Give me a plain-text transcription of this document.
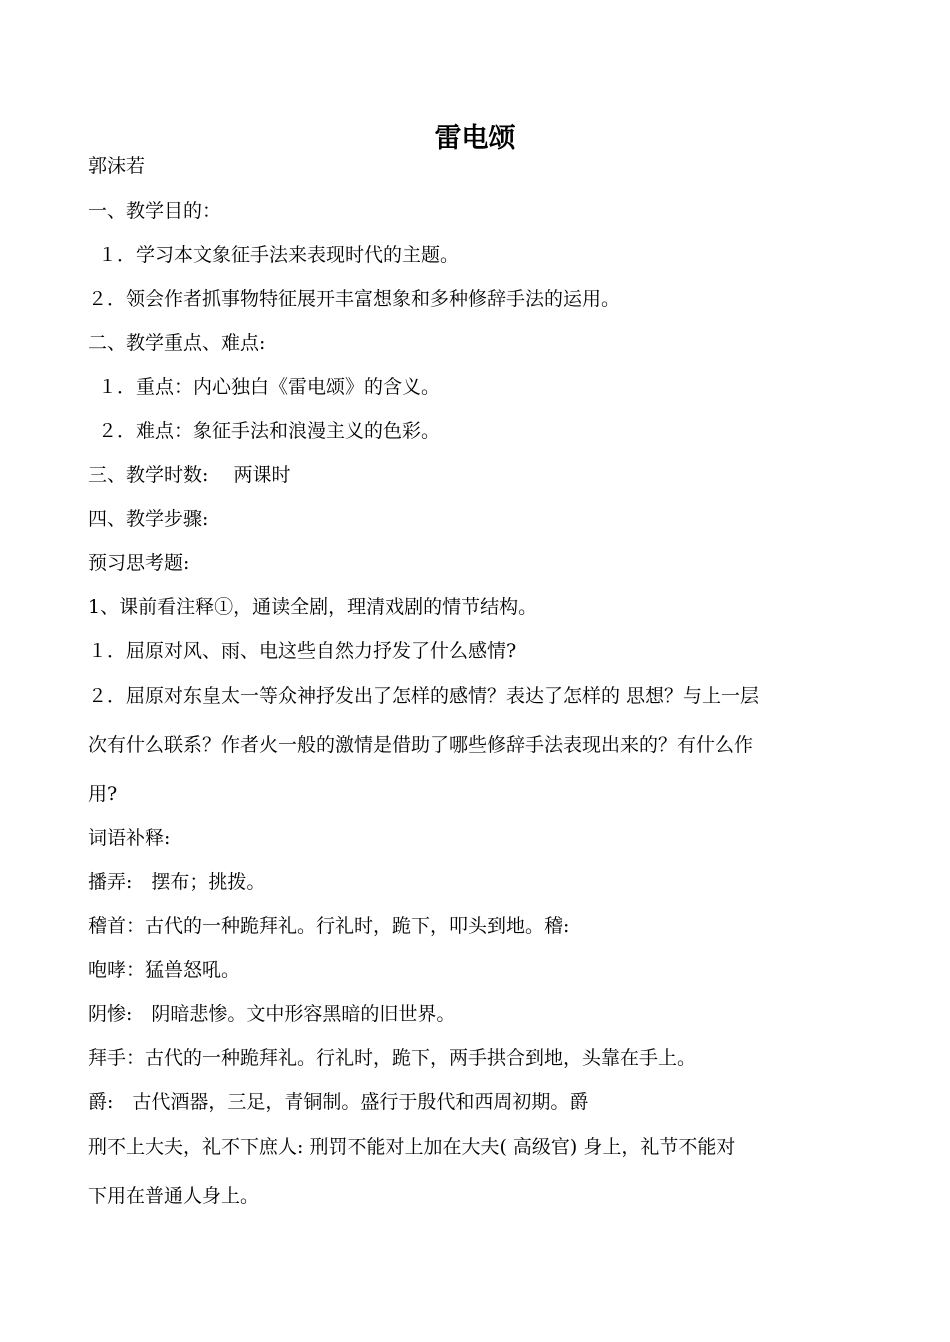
雷电颂
郭沫若
一、教学目的：
１．学习本文象征手法来表现时代的主题。
２．领会作者抓事物特征展开丰富想象和多种修辞手法的运用。
二、教学重点、难点:
１．重点：内心独白《雷电颂》的含义。
２．难点：象征手法和浪漫主义的色彩。
三、教学时数:　 两课时
四、教学步骤:
预习思考题:
1、课前看注释①，通读全剧，理清戏剧的情节结构。
１．屈原对风、雨、电这些自然力抒发了什么感情?
２．屈原对东皇太一等众神抒发出了怎样的感情？表达了怎样的 思想？与上一层
次有什么联系？作者火一般的激情是借助了哪些修辞手法表现出来的？有什么作
用?
词语补释:
播弄:　摆布；挑拨。
稽首：古代的一种跪拜礼。行礼时，跪下，叩头到地。稽:
咆哮：猛兽怒吼。
阴惨:　阴暗悲惨。文中形容黑暗的旧世界。
拜手：古代的一种跪拜礼。行礼时，跪下，两手拱合到地，头靠在手上。
爵:　古代酒器，三足，青铜制。盛行于殷代和西周初期。爵
刑不上大夫，礼不下庶人: 刑罚不能对上加在大夫( 高级官) 身上，礼节不能对
下用在普通人身上。
